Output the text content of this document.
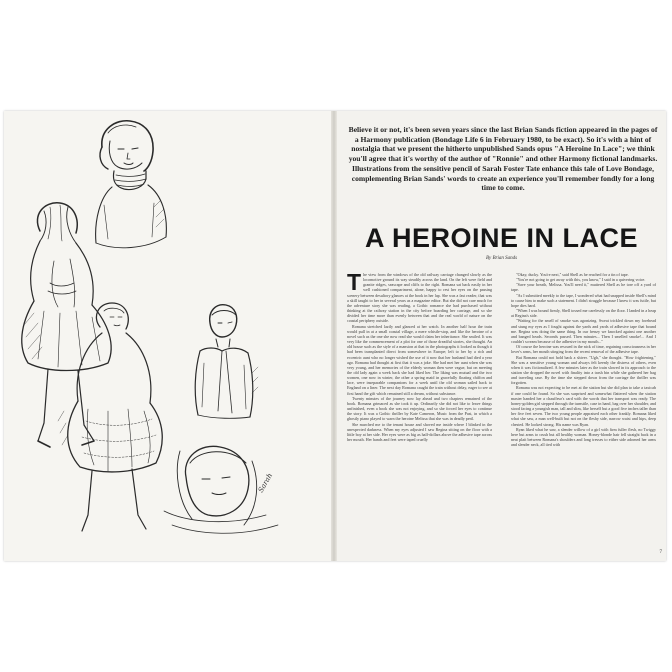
Sarah
Believe it or not, it's been seven years since the last Brian Sands fiction appeared in the pages of a Harmony publication (Bondage Life 6 in February 1980, to be exact). So it's with a hint of nostalgia that we present the hitherto unpublished Sands opus "A Heroine In Lace"; we think you'll agree that it's worthy of the author of "Ronnie" and other Harmony fictional landmarks. Illustrations from the sensitive pencil of Sarah Foster Tate enhance this tale of Love Bondage, complementing Brian Sands' words to create an experience you'll remember fondly for a long time to come.
A HEROINE IN LACE
By Brian Sands

The view from the windows of the old railway carriage changed slowly as the locomotive ground its way steadily across the land. On the left were field and granite ridges, seascape and cliffs to the right. Romana sat back easily in her well cushioned compartment, alone, happy to rest her eyes on the passing scenery between desultory glances at the book in her lap. She was a fast reader, that was a skill taught to her in several years as a magazine editor. But she did not care much for the adventure story she was reading, a Gothic romance she had purchased without thinking at the railway station in the city before boarding her carriage, and so she divided her time more than evenly between that and the real world of nature on the coastal periphery outside.

Romana stretched lazily and glanced at her watch. In another half hour the train would pull in at a small coastal village, a mere whistle-stop, and like the heroine of a novel such as the one she now read she would claim her inheritance. She smiled. It was very like the commencement of a plot for one of those dreadful stories, she thought. An old house such as the style of a mansion at that in the photographs it looked as though it had been transplanted direct from somewhere in Europe; left to her by a rich and eccentric aunt who no longer wished the use of it now that her husband had died a year ago. Romana had thought at first that it was a joke. She had met her aunt when she was very young, and her memories of the elderly woman then were vague, but on meeting the old lady again a week back she had liked her. The liking was mutual and the two women, one now in winter, the other a spring maid in gracefully floating chiffon and lace, were inseparable companions for a week until the old woman sailed back to England on a liner. The next day Romana caught the train without delay, eager to see at first hand the gift which remained still a dream, without substance.

Twenty minutes of the journey now lay ahead and two chapters remained of the book. Romana grimaced as she took it up. Ordinarily she did not like to leave things unfinished, even a book she was not enjoying, and so she forced her eyes to continue the story. It was a Gothic thriller by Kate Cameron, Music from the Past, in which a ghostly piano played to warn the heroine Melissa that she was in deadly peril.

She marched me to the tenant house and shoved me inside where I blinked in the unexpected darkness. When my eyes adjusted I saw Regina sitting on the floor with a little boy at her side. Her eyes were as big as half-dollars above the adhesive tape across her mouth. Her hands and feet were taped cruelly

"Okay, ducky. You're next," said Shell as he reached for a tin of tape.

"You're not going to get away with this, you know," I said in a quivering voice.

"Save your breath, Melissa. You'll need it," muttered Shell as he tore off a yard of tape.

"As I submitted meekly to the tape, I wondered what had snapped inside Shell's mind to cause him to make such a statement. I didn't struggle because I knew it was futile, but hope dies hard.

"When I was bound firmly, Shell tossed me carelessly on the floor. I landed in a heap at Regina's side.

"Waiting for the smell of smoke was agonizing. Sweat trickled down my forehead and stung my eyes as I fought against the yards and yards of adhesive tape that bound me. Regina was doing the same thing. In our frenzy we knocked against one another and banged heads. Seconds passed. Then minutes... Then I smelled smoke!... And I couldn't scream because of the adhesive in my mouth..."

Of course the heroine was rescued in the nick of time, regaining consciousness in her lover's arms, her mouth stinging from the recent removal of the adhesive tape.

But Romana could not hold back a shiver. "Ugh," she thought. "How frightening." She was a sensitive young woman and always felt keenly the distress of others, even when it was fictionalized. A few minutes later as the train slowed in its approach to the station she dropped the novel with finality into a trash bin while she gathered her bag and traveling case. By the time she stepped down from the carriage the thriller was forgotten.

Romana was not expecting to be met at the station but she did plan to take a taxicab if one could be found. So she was surprised and somewhat flattered when the station master handed her a chauffeur's card with the words that her transport was ready. The honey-golden girl stepped through the turnstile, case in hand, bag over her shoulder, and stood facing a youngish man, tall and slim, like herself but a good five inches taller than her five feet seven. The two young people appraised each other frankly. Romana liked what she saw, a man well-built but not on the fleshy side, narrow waist and hips, deep chested. He looked strong. His name was Ryan.

Ryan liked what he saw, a slender willow of a girl with firm fuller flesh, no Twiggy here but arms to crush but all healthy woman. Honey-blonde hair fell straight back in a neat plait between Romana's shoulders and long tresses to either side adorned her arms and slender neck, all tied with

7
